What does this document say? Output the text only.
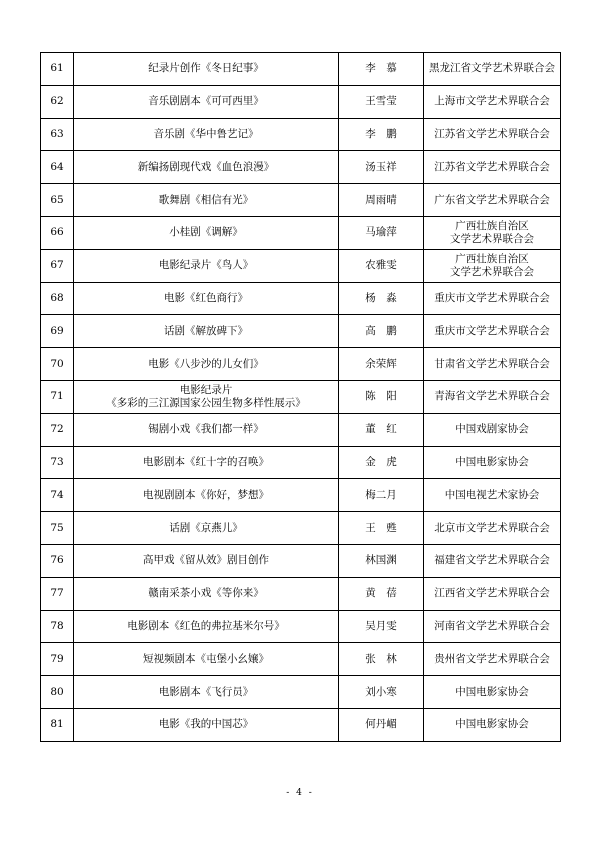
61	纪录片创作《冬日纪事》	李　慕	黑龙江省文学艺术界联合会

62	音乐剧剧本《可可西里》	王雪莹	上海市文学艺术界联合会

63	音乐剧《华中鲁艺记》	李　鹏	江苏省文学艺术界联合会

64	新编扬剧现代戏《血色浪漫》	汤玉祥	江苏省文学艺术界联合会

65	歌舞剧《相信有光》	周雨晴	广东省文学艺术界联合会

66	小桂剧《调解》	马瑜萍	广西壮族自治区
文学艺术界联合会

67	电影纪录片《鸟人》	农雅雯	广西壮族自治区
文学艺术界联合会

68	电影《红色商行》	杨　淼	重庆市文学艺术界联合会

69	话剧《解放碑下》	高　鹏	重庆市文学艺术界联合会

70	电影《八步沙的儿女们》	余荣辉	甘肃省文学艺术界联合会

71	电影纪录片
《多彩的三江源国家公园生物多样性展示》	陈　阳	青海省文学艺术界联合会

72	锡剧小戏《我们都一样》	董　红	中国戏剧家协会

73	电影剧本《红十字的召唤》	金　虎	中国电影家协会

74	电视剧剧本《你好，梦想》	梅二月	中国电视艺术家协会

75	话剧《京燕儿》	王　甦	北京市文学艺术界联合会

76	高甲戏《留从效》剧目创作	林国渊	福建省文学艺术界联合会

77	赣南采茶小戏《等你来》	黄　蓓	江西省文学艺术界联合会

78	电影剧本《红色的弗拉基米尔号》	吴月雯	河南省文学艺术界联合会

79	短视频剧本《屯堡小幺嬢》	张　林	贵州省文学艺术界联合会

80	电影剧本《飞行员》	刘小寒	中国电影家协会

81	电影《我的中国芯》	何丹嵋	中国电影家协会
- 4 -
